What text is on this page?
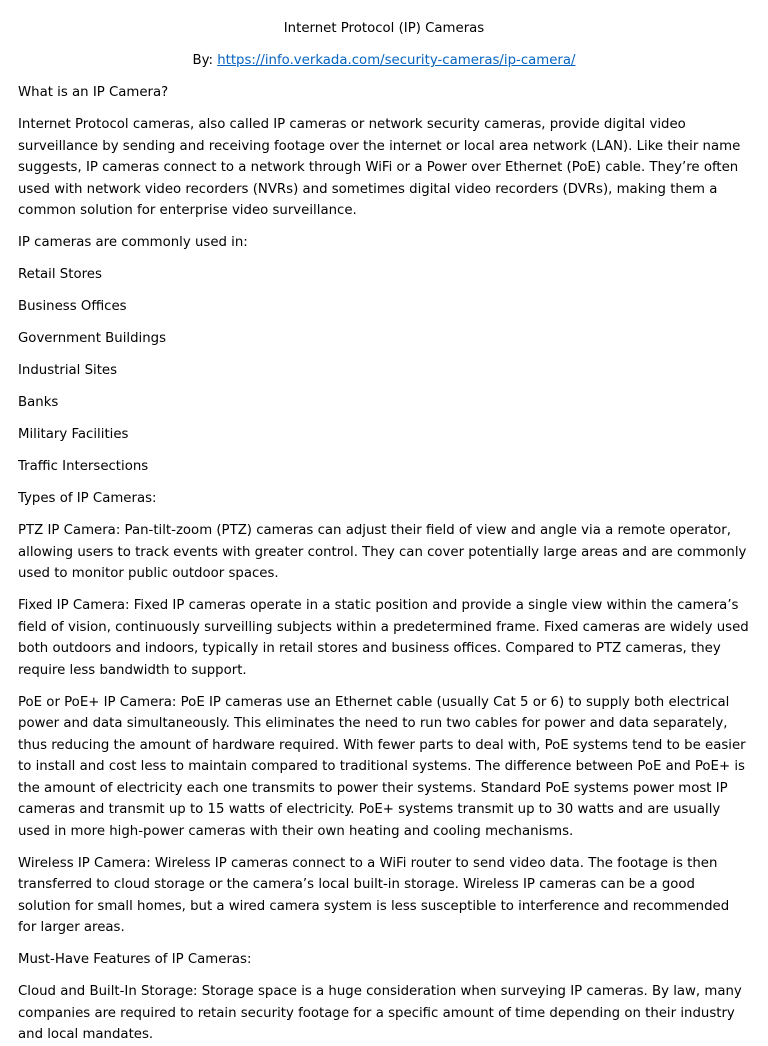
Internet Protocol (IP) Cameras

By: https://info.verkada.com/security-cameras/ip-camera/

What is an IP Camera?

Internet Protocol cameras, also called IP cameras or network security cameras, provide digital video surveillance by sending and receiving footage over the internet or local area network (LAN). Like their name suggests, IP cameras connect to a network through WiFi or a Power over Ethernet (PoE) cable. They’re often used with network video recorders (NVRs) and sometimes digital video recorders (DVRs), making them a common solution for enterprise video surveillance.

IP cameras are commonly used in:

Retail Stores

Business Offices

Government Buildings

Industrial Sites

Banks

Military Facilities

Traffic Intersections

Types of IP Cameras:

PTZ IP Camera: Pan-tilt-zoom (PTZ) cameras can adjust their field of view and angle via a remote operator, allowing users to track events with greater control. They can cover potentially large areas and are commonly used to monitor public outdoor spaces.

Fixed IP Camera: Fixed IP cameras operate in a static position and provide a single view within the camera’s field of vision, continuously surveilling subjects within a predetermined frame. Fixed cameras are widely used both outdoors and indoors, typically in retail stores and business offices. Compared to PTZ cameras, they require less bandwidth to support.

PoE or PoE+ IP Camera: PoE IP cameras use an Ethernet cable (usually Cat 5 or 6) to supply both electrical power and data simultaneously. This eliminates the need to run two cables for power and data separately, thus reducing the amount of hardware required. With fewer parts to deal with, PoE systems tend to be easier to install and cost less to maintain compared to traditional systems. The difference between PoE and PoE+ is the amount of electricity each one transmits to power their systems. Standard PoE systems power most IP cameras and transmit up to 15 watts of electricity. PoE+ systems transmit up to 30 watts and are usually used in more high-power cameras with their own heating and cooling mechanisms.

Wireless IP Camera: Wireless IP cameras connect to a WiFi router to send video data. The footage is then transferred to cloud storage or the camera’s local built-in storage. Wireless IP cameras can be a good solution for small homes, but a wired camera system is less susceptible to interference and recommended for larger areas.

Must-Have Features of IP Cameras:

Cloud and Built-In Storage: Storage space is a huge consideration when surveying IP cameras. By law, many companies are required to retain security footage for a specific amount of time depending on their industry and local mandates.
